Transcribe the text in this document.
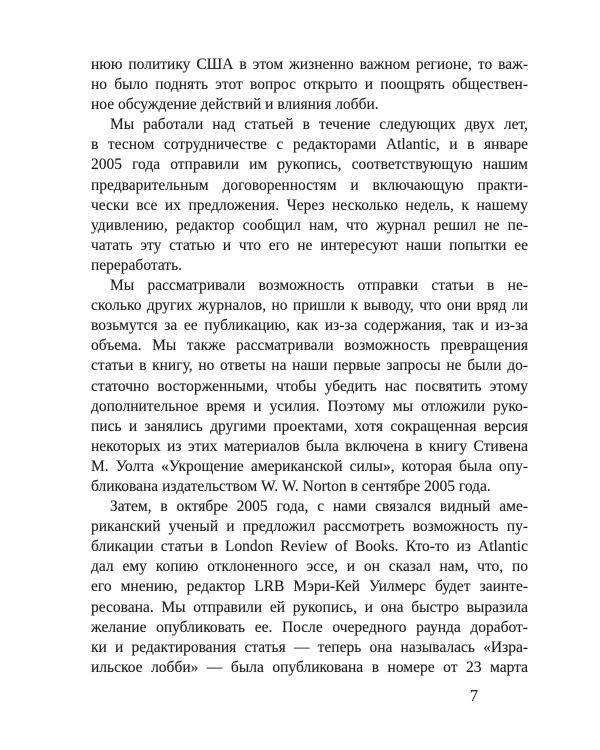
нюю политику США в этом жизненно важном регионе, то важ-
но было поднять этот вопрос открыто и поощрять обществен-
ное обсуждение действий и влияния лобби.
Мы работали над статьей в течение следующих двух лет,
в тесном сотрудничестве с редакторами Atlantic, и в январе
2005 года отправили им рукопись, соответствующую нашим
предварительным договоренностям и включающую практи-
чески все их предложения. Через несколько недель, к нашему
удивлению, редактор сообщил нам, что журнал решил не пе-
чатать эту статью и что его не интересуют наши попытки ее
переработать.
Мы рассматривали возможность отправки статьи в не-
сколько других журналов, но пришли к выводу, что они вряд ли
возьмутся за ее публикацию, как из-за содержания, так и из-за
объема. Мы также рассматривали возможность превращения
статьи в книгу, но ответы на наши первые запросы не были до-
статочно восторженными, чтобы убедить нас посвятить этому
дополнительное время и усилия. Поэтому мы отложили руко-
пись и занялись другими проектами, хотя сокращенная версия
некоторых из этих материалов была включена в книгу Стивена
М. Уолта «Укрощение американской силы», которая была опу-
бликована издательством W. W. Norton в сентябре 2005 года.
Затем, в октябре 2005 года, с нами связался видный аме-
риканский ученый и предложил рассмотреть возможность пу-
бликации статьи в London Review of Books. Кто-то из Atlantic
дал ему копию отклоненного эссе, и он сказал нам, что, по
его мнению, редактор LRB Мэри-Кей Уилмерс будет заинте-
ресована. Мы отправили ей рукопись, и она быстро выразила
желание опубликовать ее. После очередного раунда доработ-
ки и редактирования статья — теперь она называлась «Изра-
ильское лобби» — была опубликована в номере от 23 марта
7
